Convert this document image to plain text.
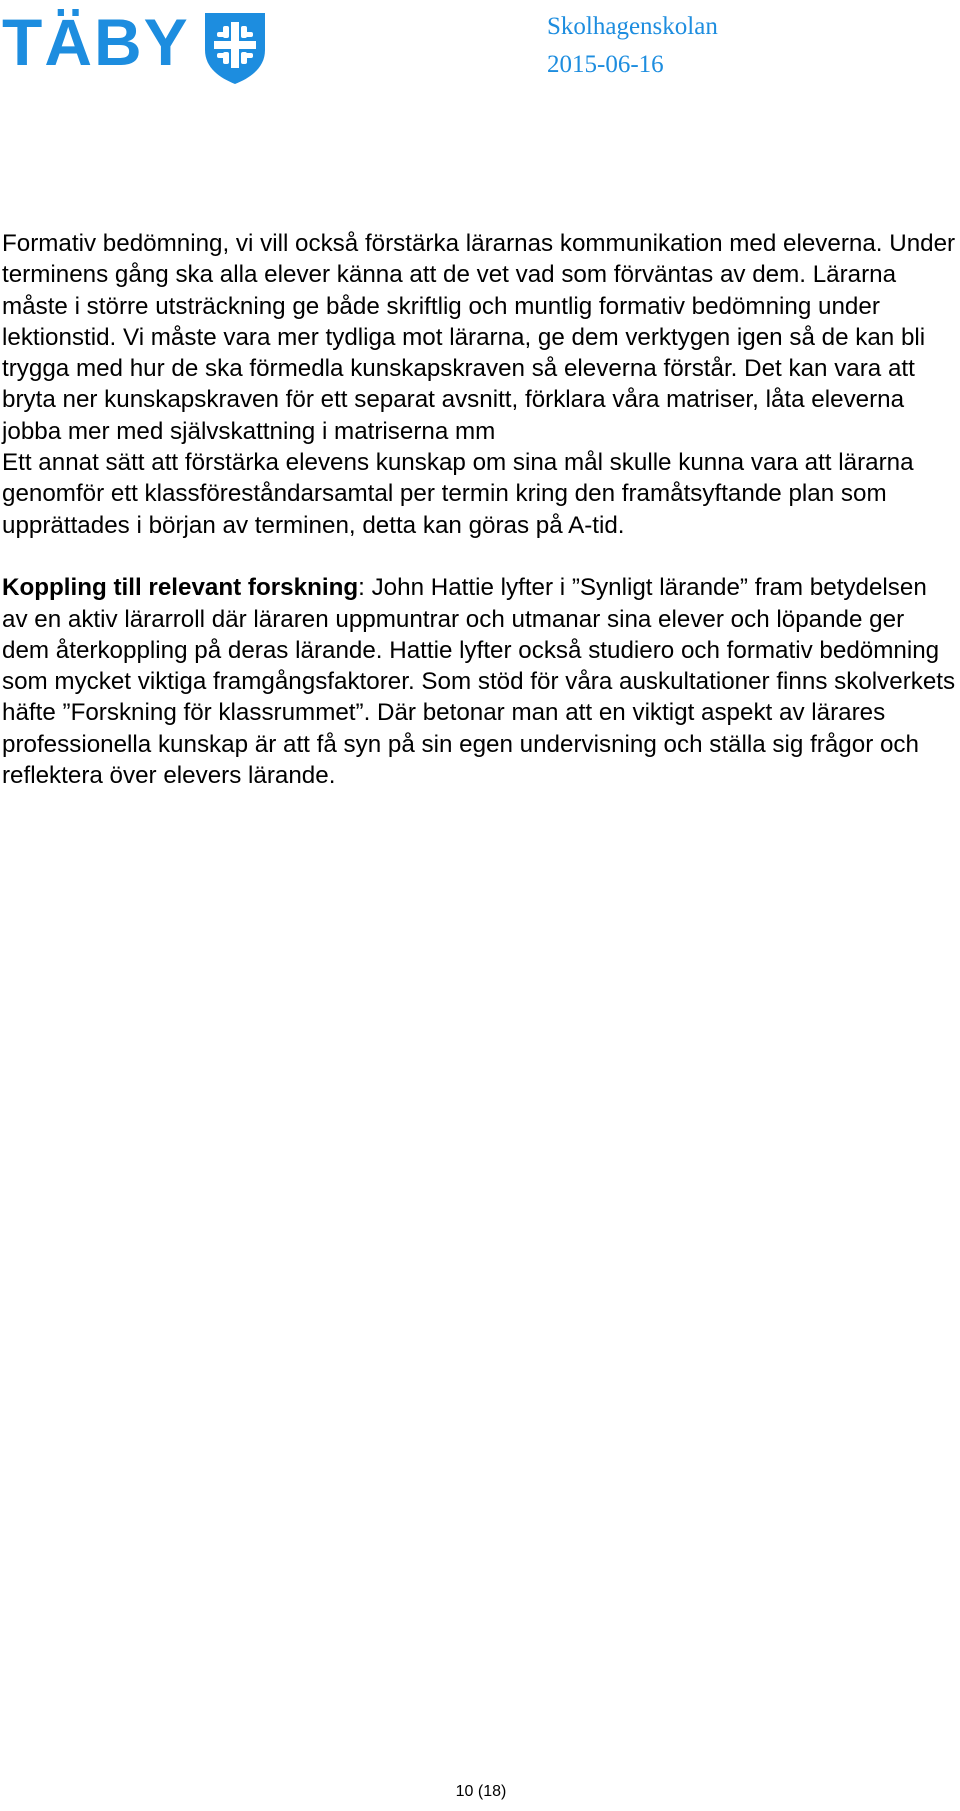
TÄBY	Skolhagenskolan
2015-06-16

Formativ bedömning, vi vill också förstärka lärarnas kommunikation med eleverna. Under terminens gång ska alla elever känna att de vet vad som förväntas av dem. Lärarna måste i större utsträckning ge både skriftlig och muntlig formativ bedömning under lektionstid. Vi måste vara mer tydliga mot lärarna, ge dem verktygen igen så de kan bli trygga med hur de ska förmedla kunskapskraven så eleverna förstår. Det kan vara att bryta ner kunskapskraven för ett separat avsnitt, förklara våra matriser, låta eleverna jobba mer med självskattning i matriserna mm

Ett annat sätt att förstärka elevens kunskap om sina mål skulle kunna vara att lärarna genomför ett klassföreståndarsamtal per termin kring den framåtsyftande plan som upprättades i början av terminen, detta kan göras på A-tid.

Koppling till relevant forskning: John Hattie lyfter i ”Synligt lärande” fram betydelsen av en aktiv lärarroll där läraren uppmuntrar och utmanar sina elever och löpande ger dem återkoppling på deras lärande. Hattie lyfter också studiero och formativ bedömning som mycket viktiga framgångsfaktorer. Som stöd för våra auskultationer finns skolverkets häfte ”Forskning för klassrummet”. Där betonar man att en viktigt aspekt av lärares professionella kunskap är att få syn på sin egen undervisning och ställa sig frågor och reflektera över elevers lärande.

10 (18)
